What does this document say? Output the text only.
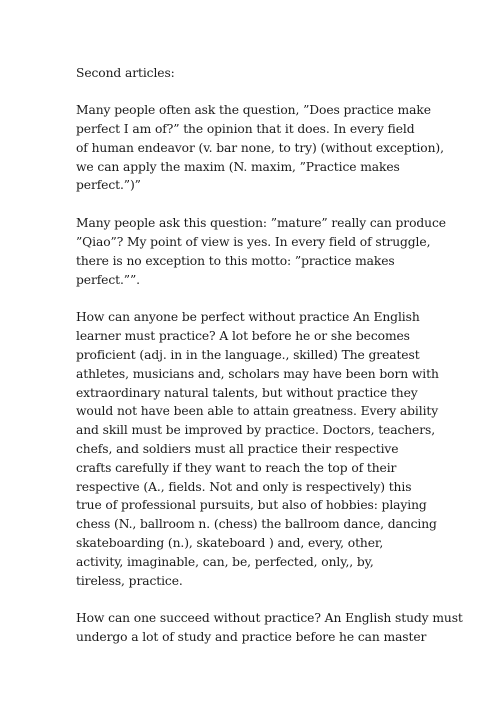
Second articles:

Many people often ask the question, ”Does practice make
perfect I am of?” the opinion that it does. In every field
of human endeavor (v. bar none, to try) (without exception),
we can apply the maxim (N. maxim, ”Practice makes
perfect.”)”

Many people ask this question: ”mature” really can produce
”Qiao”? My point of view is yes. In every field of struggle,
there is no exception to this motto: ”practice makes
perfect.””.

How can anyone be perfect without practice An English
learner must practice? A lot before he or she becomes
proficient (adj. in in the language., skilled) The greatest
athletes, musicians and, scholars may have been born with
extraordinary natural talents, but without practice they
would not have been able to attain greatness. Every ability
and skill must be improved by practice. Doctors, teachers,
chefs, and soldiers must all practice their respective
crafts carefully if they want to reach the top of their
respective (A., fields. Not and only is respectively) this
true of professional pursuits, but also of hobbies: playing
chess (N., ballroom n. (chess) the ballroom dance, dancing
skateboarding (n.), skateboard ) and, every, other,
activity, imaginable, can, be, perfected, only,, by,
tireless, practice.

How can one succeed without practice? An English study must
undergo a lot of study and practice before he can master
